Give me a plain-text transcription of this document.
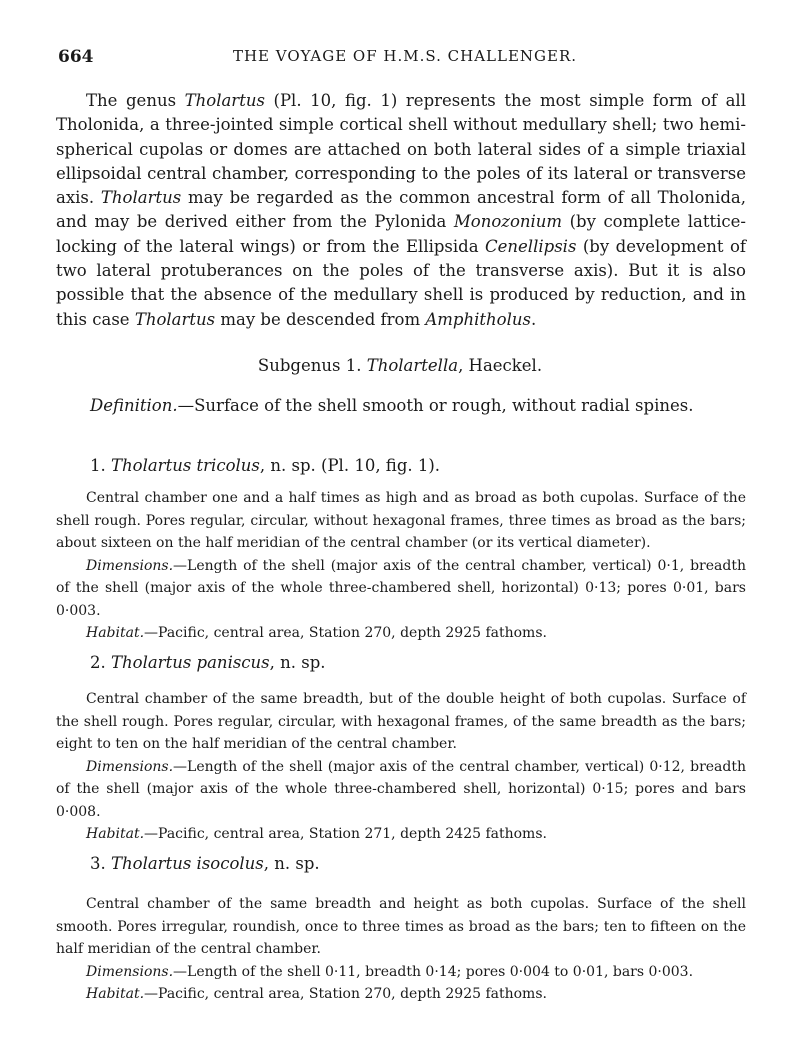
664	THE VOYAGE OF H.M.S. CHALLENGER.

The genus Tholartus (Pl. 10, fig. 1) represents the most simple form of all Tholonida, a three-jointed simple cortical shell without medullary shell; two hemi-spherical cupolas or domes are attached on both lateral sides of a simple triaxial ellipsoidal central chamber, corresponding to the poles of its lateral or transverse axis. Tholartus may be regarded as the common ancestral form of all Tholonida, and may be derived either from the Pylonida Monozonium (by complete lattice-locking of the lateral wings) or from the Ellipsida Cenellipsis (by development of two lateral protuberances on the poles of the transverse axis). But it is also possible that the absence of the medullary shell is produced by reduction, and in this case Tholartus may be descended from Amphitholus.

Subgenus 1. Tholartella, Haeckel.

Definition.—Surface of the shell smooth or rough, without radial spines.

1. Tholartus tricolus, n. sp. (Pl. 10, fig. 1).

Central chamber one and a half times as high and as broad as both cupolas. Surface of the shell rough. Pores regular, circular, without hexagonal frames, three times as broad as the bars; about sixteen on the half meridian of the central chamber (or its vertical diameter).

Dimensions.—Length of the shell (major axis of the central chamber, vertical) 0·1, breadth of the shell (major axis of the whole three-chambered shell, horizontal) 0·13; pores 0·01, bars 0·003.

Habitat.—Pacific, central area, Station 270, depth 2925 fathoms.

2. Tholartus paniscus, n. sp.

Central chamber of the same breadth, but of the double height of both cupolas. Surface of the shell rough. Pores regular, circular, with hexagonal frames, of the same breadth as the bars; eight to ten on the half meridian of the central chamber.

Dimensions.—Length of the shell (major axis of the central chamber, vertical) 0·12, breadth of the shell (major axis of the whole three-chambered shell, horizontal) 0·15; pores and bars 0·008.

Habitat.—Pacific, central area, Station 271, depth 2425 fathoms.

3. Tholartus isocolus, n. sp.

Central chamber of the same breadth and height as both cupolas. Surface of the shell smooth. Pores irregular, roundish, once to three times as broad as the bars; ten to fifteen on the half meridian of the central chamber.

Dimensions.—Length of the shell 0·11, breadth 0·14; pores 0·004 to 0·01, bars 0·003.

Habitat.—Pacific, central area, Station 270, depth 2925 fathoms.
